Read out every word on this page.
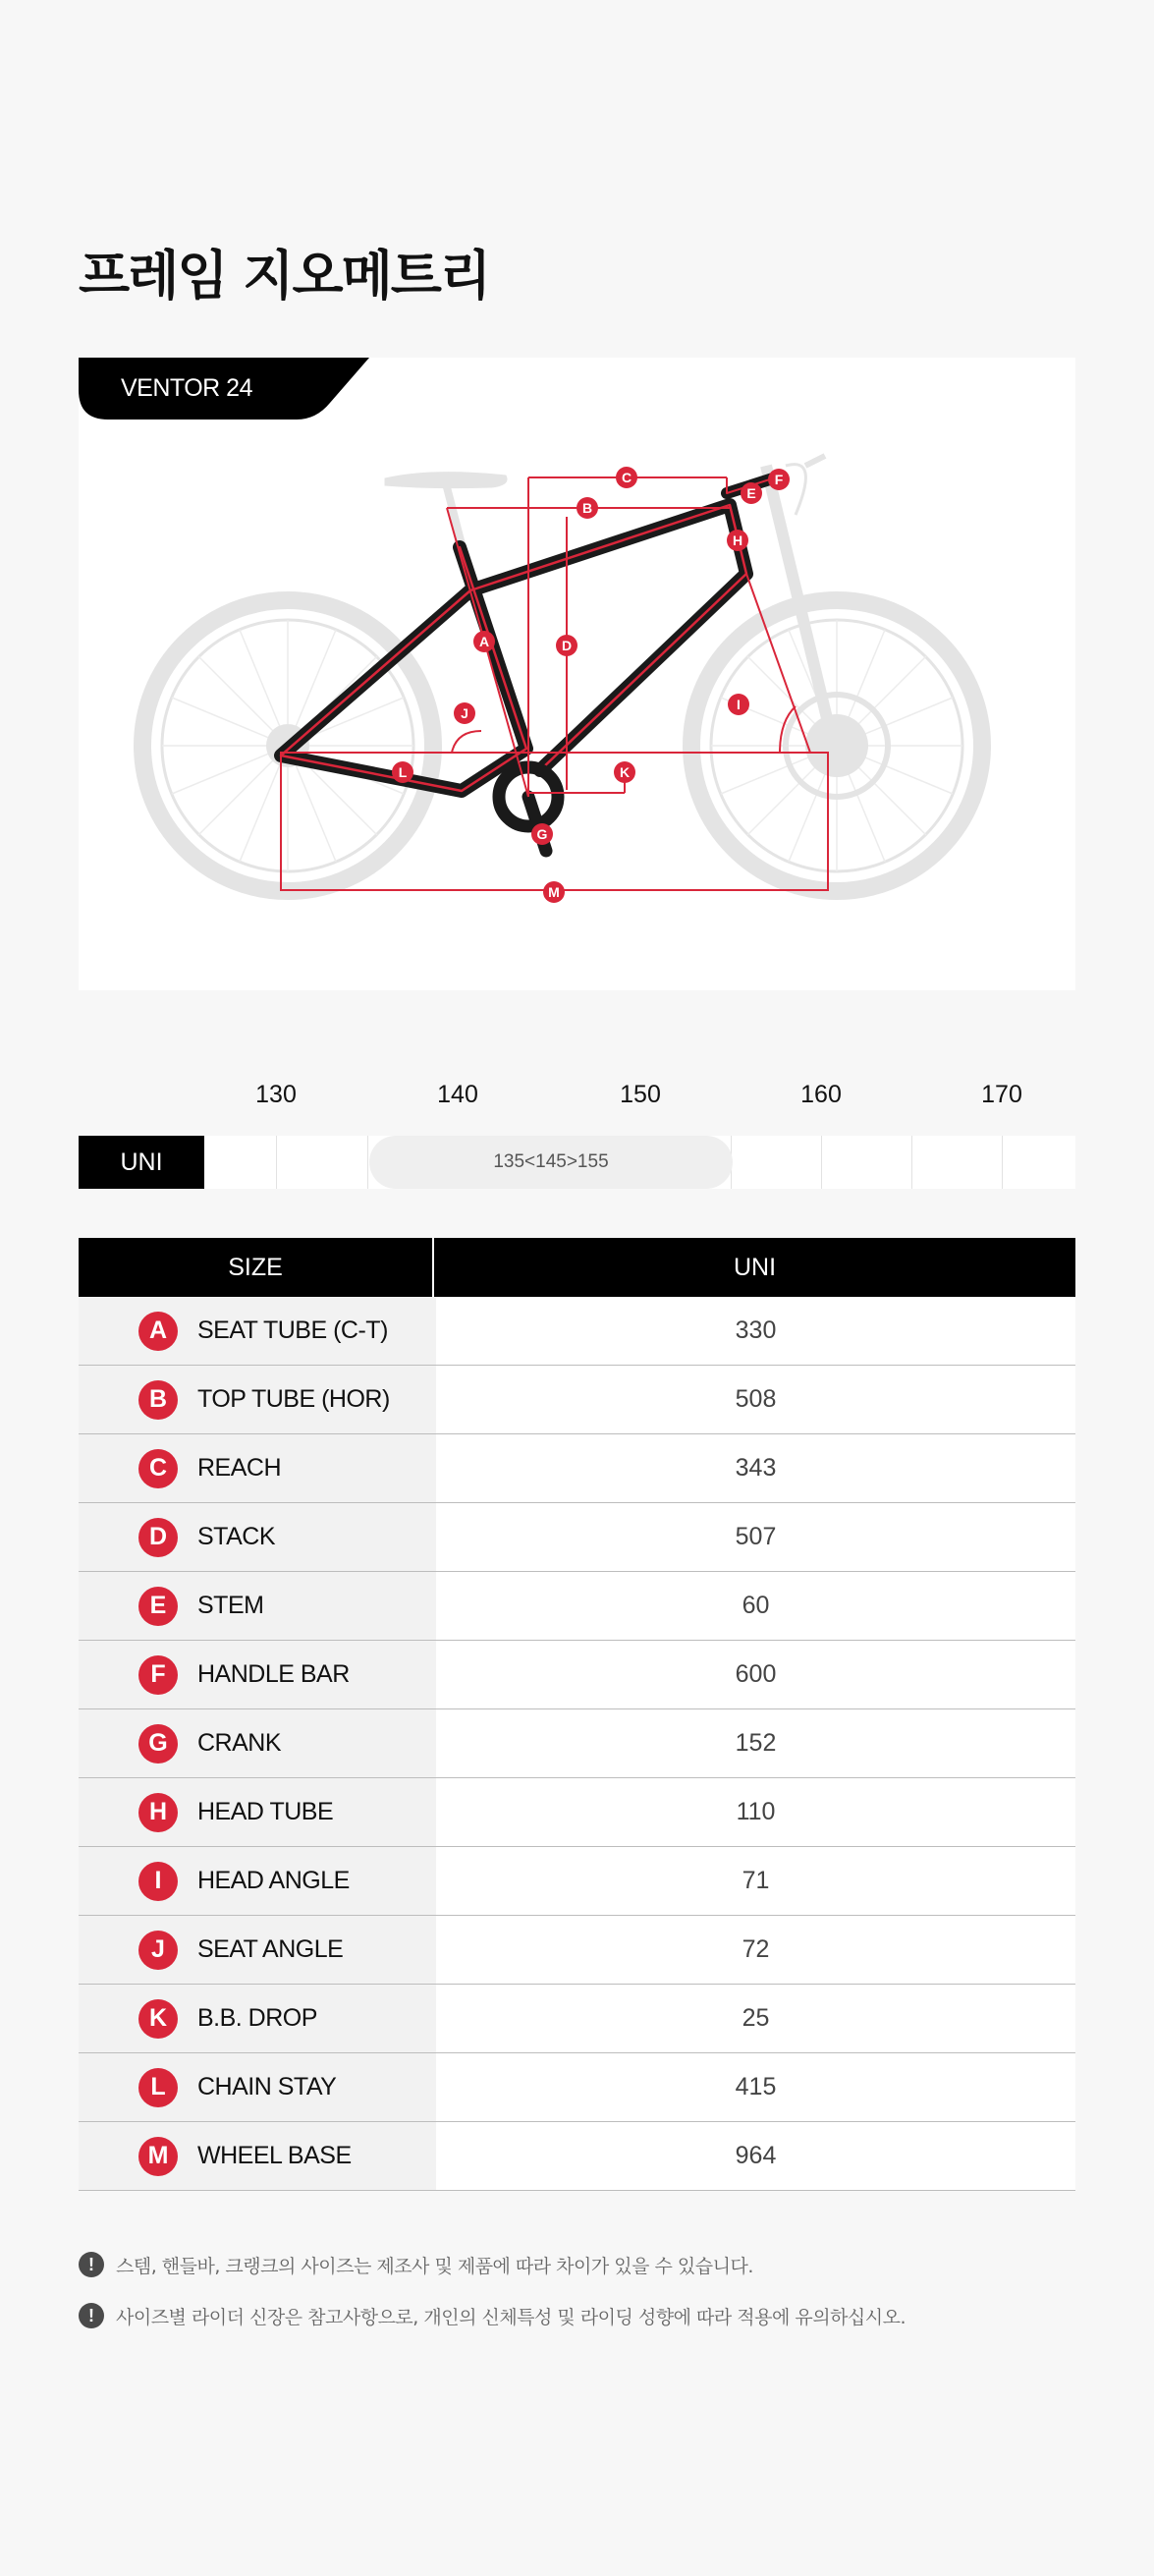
프레임 지오메트리
A
B
C
D
E
F
G
H
I
J
K
L
M
VENTOR 24
130	140	150	160	170
135<145>155
UNI
SIZE	UNI
A	SEAT TUBE (C-T)	330
B	TOP TUBE (HOR)	508
C	REACH	343
D	STACK	507
E	STEM	60
F	HANDLE BAR	600
G	CRANK	152
H	HEAD TUBE	110
I	HEAD ANGLE	71
J	SEAT ANGLE	72
K	B.B. DROP	25
L	CHAIN STAY	415
M	WHEEL BASE	964
!	스템, 핸들바, 크랭크의 사이즈는 제조사 및 제품에 따라 차이가 있을 수 있습니다.
!	사이즈별 라이더 신장은 참고사항으로, 개인의 신체특성 및 라이딩 성향에 따라 적용에 유의하십시오.
